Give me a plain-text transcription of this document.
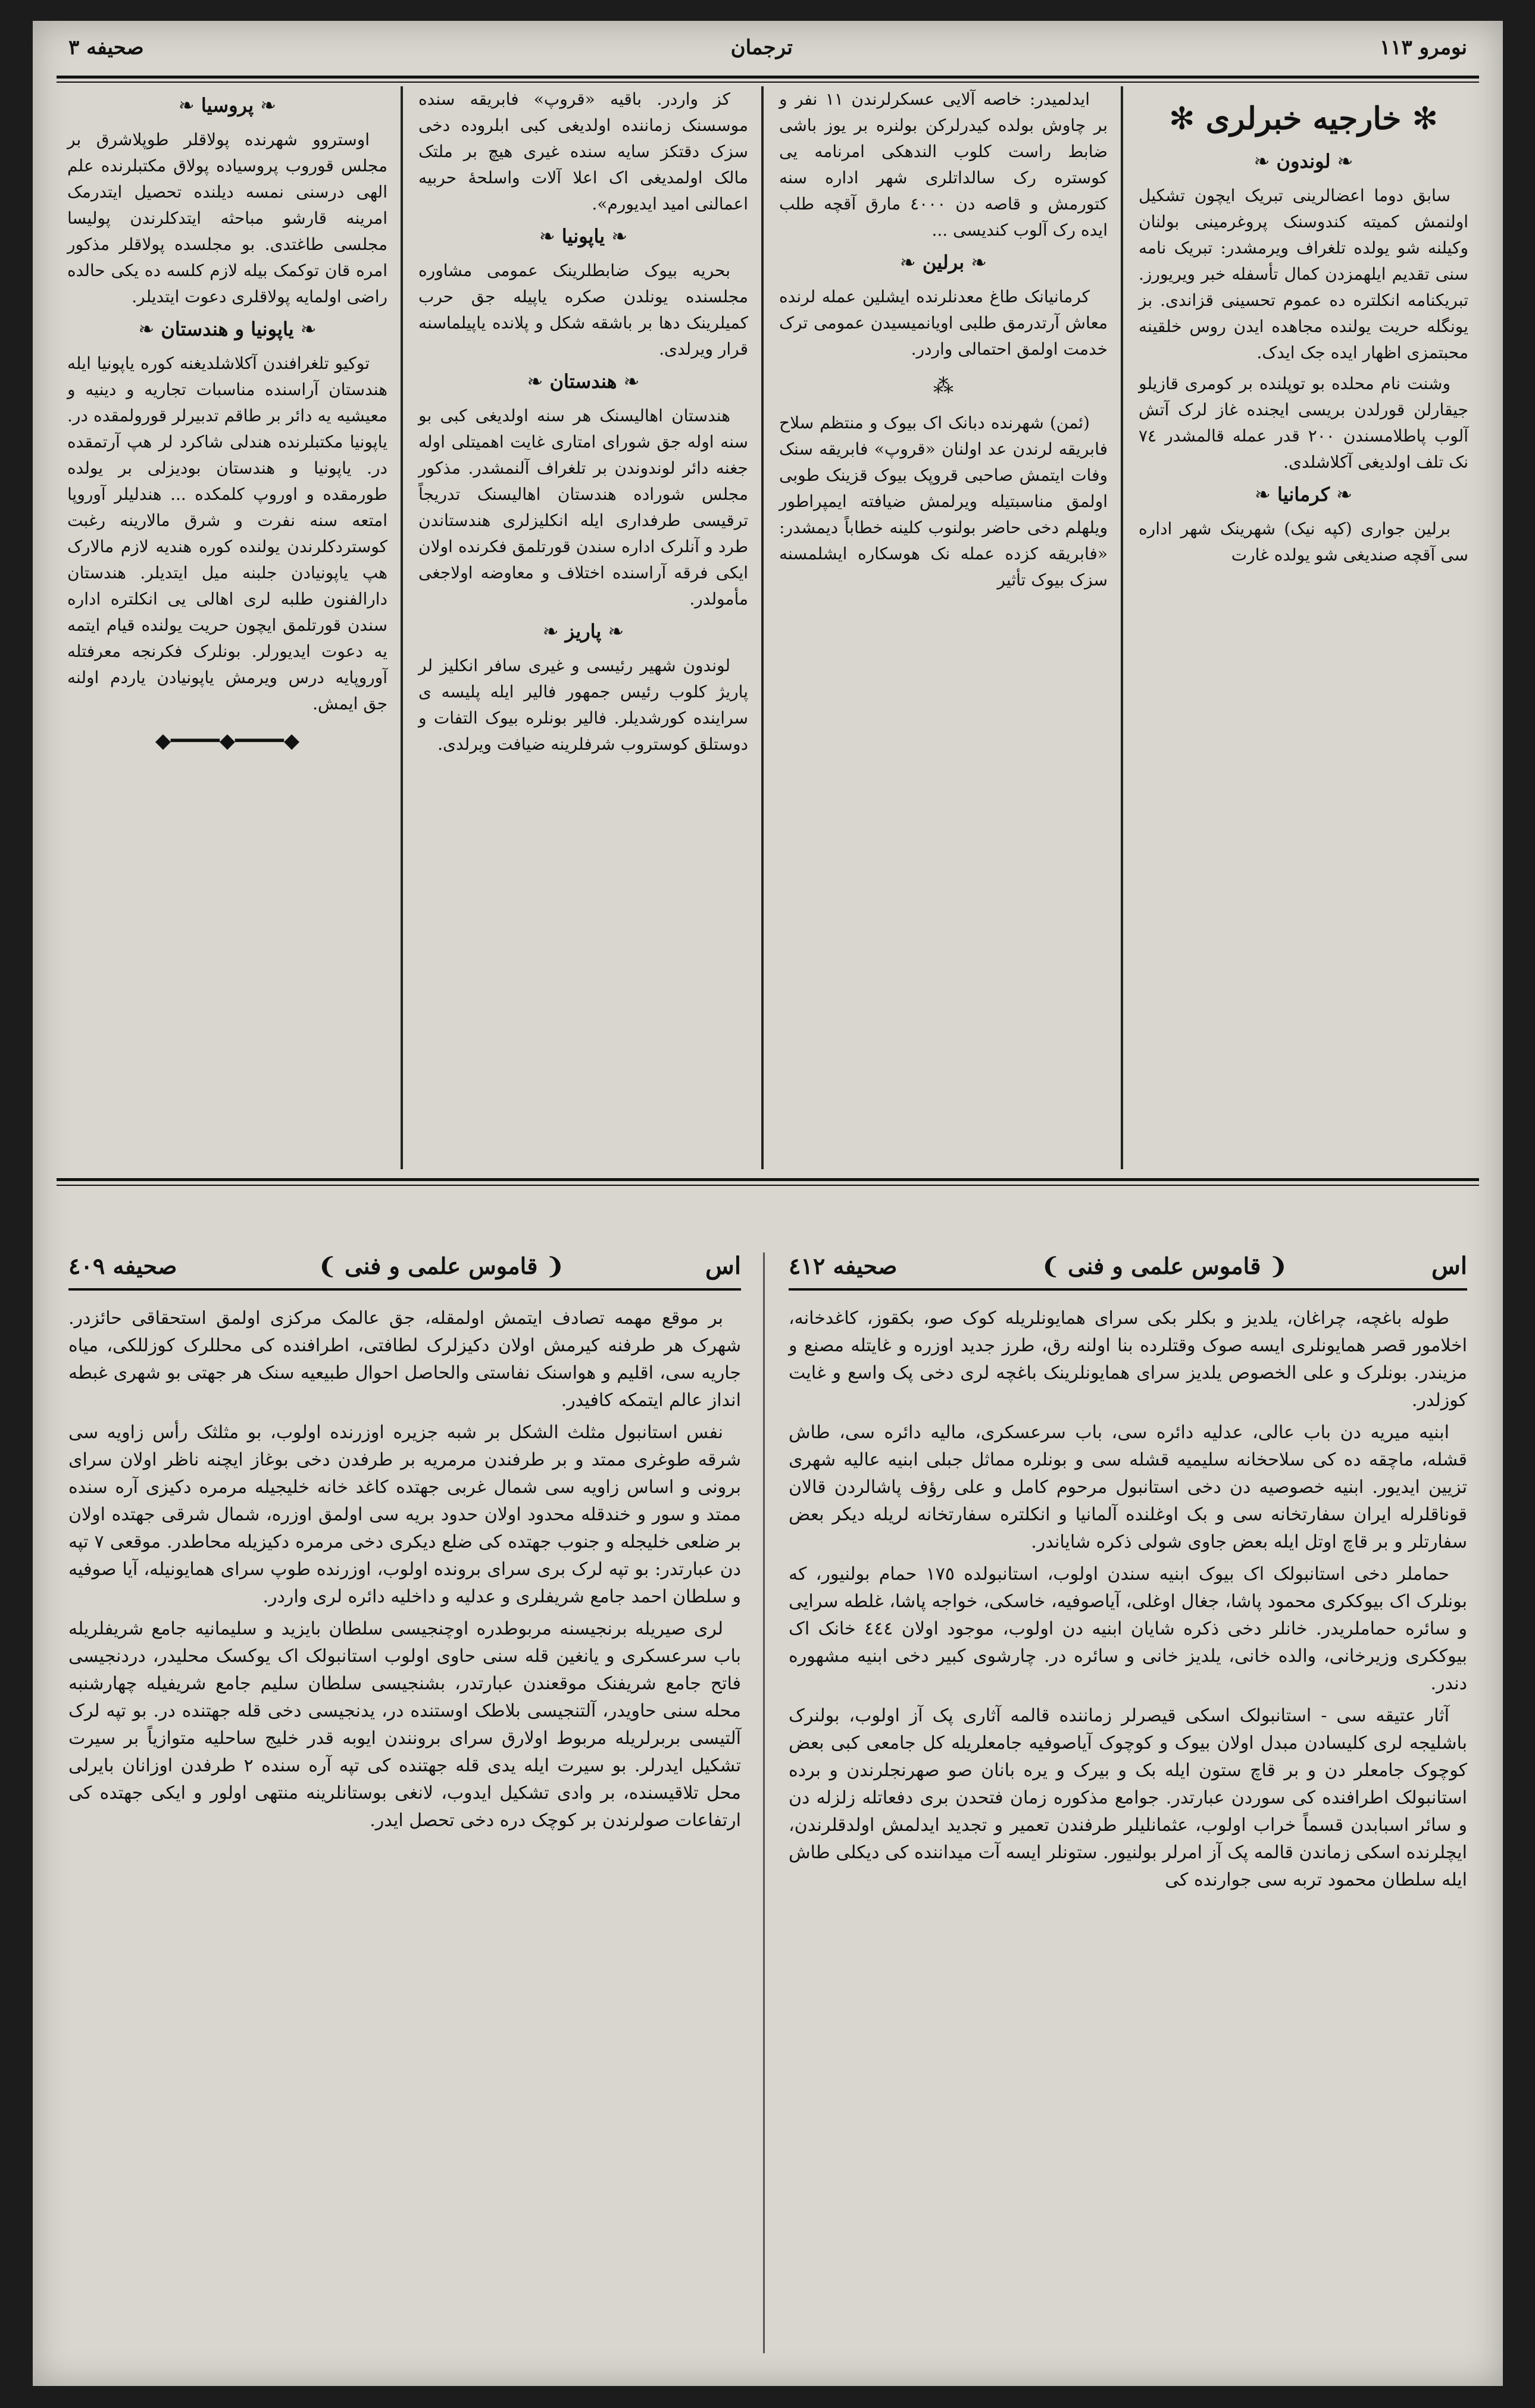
نومرو ١١٣
ترجمان
صحیفه ٣
✻ خارجیه خبرلری ✻
❧ لوندون ❧

سابق دوما اعضالرینی تبریک ایچون تشکیل اولنمش کمیته کندوسنک پروغرمینی بولنان وکیلنه شو یولده تلغراف ویرمشدر: تبریک نامه سنی تقدیم ایلهمزدن کمال تأسفله خبر ویریورز. تبریکنامه انکلتره ده عموم تحسینی قزاندی. بز یونگله حریت یولنده مجاهده ایدن روس خلقینه محبتمزی اظهار ایده جک ایدک.

وشنت نام محلده بو توپلنده بر کومری قازیلو جیقارلن قورلدن بریسی ایجنده غاز لرک آتش آلوب پاطلامسندن ٢٠٠ قدر عمله قالمشدر ٧٤ نک تلف اولدیغی آکلاشلدی.

❧ کرمانیا ❧

برلین جواری (کپه نیک) شهرینک شهر اداره سی آقچه صندیغی شو یولده غارت

ایدلمیدر: خاصه آلایی عسکرلرندن ١١ نفر و بر چاوش بولده کیدرلرکن بولنره بر یوز باشی ضابط راست کلوب الندهکی امرنامه یی کوستره رک سالداتلری شهر اداره سنه کتورمش و قاصه دن ٤٠٠٠ مارق آقچه طلب ایده رک آلوب کندیسی ...

❧ برلین ❧

کرمانیانک طاغ معدنلرنده ایشلین عمله لرنده معاش آرتدرمق طلبی اویانمیسیدن عمومی ترک خدمت اولمق احتمالی واردر.

⁂

(ئمن) شهرنده دبانک اک بیوک و منتظم سلاح فابریقه لرندن عد اولنان «قروپ» فابریقه سنک وفات ایتمش صاحبی قروپک بیوک قزینک طوبی اولمق مناسبتیله ویرلمش ضیافته ایمپراطور ویلهلم دخی حاضر بولنوب کلینه خطاباً دیمشدر: «فابریقه کزده عمله نک هوسکاره ایشلمسنه سزک بیوک تأثیر

کز واردر. باقیه «قروپ» فابریقه سنده موسسنک زماننده اولدیغی کبی ابلروده دخی سزک دقتکز سایه سنده غیری هیچ بر ملتک مالک اولمدیغی اک اعلا آلات واسلحهٔ حربیه اعمالنی امید ایدیورم».

❧ یاپونیا ❧

بحریه بیوک ضابطلرینک عمومی مشاوره مجلسنده یونلدن صکره یاپیله جق حرب کمیلرینک دها بر باشقه شکل و پلانده یاپیلماسنه قرار ویرلدی.

❧ هندستان ❧

هندستان اهالیسنک هر سنه اولدیغی کبی بو سنه اوله جق شورای امتاری غایت اهمیتلی اوله جغنه دائر لوندوندن بر تلغراف آلنمشدر. مذکور مجلس شوراده هندستان اهالیسنک تدریجاً ترقیسی طرفداری ایله انکلیزلری هندستاندن طرد و آنلرک اداره سندن قورتلمق فکرنده اولان ایکی فرقه آراسنده اختلاف و معاوضه اولاجغی مأمولدر.

❧ پاریز ❧

لوندون شهیر رئیسی و غیری سافر انکلیز لر پاریژ کلوب رئیس جمهور فالیر ایله پلیسه ی سراینده کورشدیلر. فالیر بونلره بیوک التفات و دوستلق کوستروب شرفلرینه ضیافت ویرلدی.

❧ پروسیا ❧

اوستروو شهرنده پولاقلر طوپلاشرق بر مجلس قوروب پروسیاده پولاق مکتبلرنده علم الهی درسنی نمسه دیلنده تحصیل ایتدرمک امرینه قارشو مباحثه ایتدکلرندن پولیسا مجلسی طاغتدی. بو مجلسده پولاقلر مذکور امره قان توکمک بیله لازم کلسه ده یکی حالده راضی اولمایه پولاقلری دعوت ایتدیلر.

❧ یاپونیا و هندستان ❧

توکیو تلغرافندن آکلاشلدیغنه کوره یاپونیا ایله هندستان آراسنده مناسبات تجاریه و دینیه و معیشیه یه دائر بر طاقم تدبیرلر قورولمقده در. یاپونیا مکتبلرنده هندلی شاکرد لر هپ آرتمقده در. یاپونیا و هندستان بودیزلی بر یولده طورمقده و اوروپ کلمکده ... هندلیلر آوروپا امتعه سنه نفرت و شرق مالارینه رغبت کوستردکلرندن یولنده کوره هندیه لازم مالارک هپ یاپونیادن جلبنه میل ایتدیلر. هندستان دارالفنون طلبه لری اهالی یی انکلتره اداره سندن قورتلمق ایچون حریت یولنده قیام ایتمه یه دعوت ایدیورلر. بونلرک فکرنجه معرفتله آوروپایه درس ویرمش یاپونیادن یاردم اولنه جق ایمش.

◆━━━━◆━━━━◆
اس
❨ قاموس علمی و فنی ❩
صحیفه ٤١٢

طوله باغچه، چراغان، یلدیز و بکلر بکی سرای همایونلریله کوک صو، بکقوز، کاغدخانه، اخلامور قصر همایونلری ایسه صوک وقتلرده بنا اولنه رق، طرز جدید اوزره و غایتله مصنع و مزیندر. بونلرک و علی الخصوص یلدیز سرای همایونلرینک باغچه لری دخی پک واسع و غایت کوزلدر.

ابنیه میریه دن باب عالی، عدلیه دائره سی، باب سرعسکری، مالیه دائره سی، طاش قشله، ماچقه ده کی سلاحخانه سلیمیه قشله سی و بونلره مماثل جبلی ابنیه عالیه شهری تزیین ایدیور. ابنیه خصوصیه دن دخی استانبول مرحوم کامل و علی رؤف پاشالردن قالان قوناقلرله ایران سفارتخانه سی و بک اوغلنده آلمانیا و انکلتره سفارتخانه لریله دیکر بعض سفارتلر و بر قاچ اوتل ایله بعض جاوی شولی ذکره شایاندر.

حماملر دخی استانبولک اک بیوک ابنیه سندن اولوب، استانبولده ١٧٥ حمام بولنیور، که بونلرک اک بیوککری محمود پاشا، جغال اوغلی، آیاصوفیه، خاسکی، خواجه پاشا، غلطه سرایی و سائره حماملریدر. خانلر دخی ذکره شایان ابنیه دن اولوب، موجود اولان ٤٤٤ خانک اک بیوککری وزیرخانی، والده خانی، یلدیز خانی و سائره در. چارشوی کبیر دخی ابنیه مشهوره دندر.

آثار عتیقه سی - استانبولک اسکی قیصرلر زماننده قالمه آثاری پک آز اولوب، بولنرک باشلیجه لری کلیسادن مبدل اولان بیوک و کوچوک آیاصوفیه جامعلریله کل جامعی کبی بعض کوچوک جامعلر دن و بر قاچ ستون ایله بک و بیرک و یره بانان صو صهرنجلرندن و برده استانبولک اطرافنده کی سوردن عبارتدر. جوامع مذکوره زمان فتحدن بری دفعاتله زلزله دن و سائر اسبابدن قسماً خراب اولوب، عثمانلیلر طرفندن تعمیر و تجدید ایدلمش اولدقلرندن، ایچلرنده اسکی زماندن قالمه پک آز امرلر بولنیور. ستونلر ایسه آت میداننده کی دیکلی طاش ایله سلطان محمود تربه سی جوارنده کی

اس
❨ قاموس علمی و فنی ❩
صحیفه ٤٠٩

بر موقع مهمه تصادف ایتمش اولمقله، جق عالمک مرکزی اولمق استحقاقی حائزدر. شهرک هر طرفنه کیرمش اولان دکیزلرک لطافتی، اطرافنده کی محللرک کوزللکی، میاه جاریه سی، اقلیم و هواسنک نفاستی والحاصل احوال طبیعیه سنک هر جهتی بو شهری غبطه انداز عالم ایتمکه کافیدر.

نفس استانبول مثلث الشکل بر شبه جزیره اوزرنده اولوب، بو مثلثک رأس زاویه سی شرقه طوغری ممتد و بر طرفندن مرمریه بر طرفدن دخی بوغاز ایچنه ناظر اولان سرای برونی و اساس زاویه سی شمال غربی جهتده کاغد خانه خلیجیله مرمره دکیزی آره سنده ممتد و سور و خندقله محدود اولان حدود بریه سی اولمق اوزره، شمال شرقی جهتده اولان بر ضلعی خلیجله و جنوب جهتده کی ضلع دیکری دخی مرمره دکیزیله محاطدر. موقعی ٧ تپه دن عبارتدر: بو تپه لرک بری سرای برونده اولوب، اوزرنده طوپ سرای همایونیله، آیا صوفیه و سلطان احمد جامع شریفلری و عدلیه و داخلیه دائره لری واردر.

لری صیریله برنجیسنه مربوطدره اوچنجیسی سلطان بایزید و سلیمانیه جامع شریفلریله باب سرعسکری و یانغین قله سنی حاوی اولوب استانبولک اک یوکسک محلیدر، دردنجیسی فاتح جامع شریفنک موقعندن عبارتدر، بشنجیسی سلطان سلیم جامع شریفیله چهارشنبه محله سنی حاویدر، آلتنجیسی بلاطک اوستنده در، یدنجیسی دخی قله جهتنده در. بو تپه لرک آلتیسی بربرلریله مربوط اولارق سرای برونندن ایوبه قدر خلیج ساحلیه متوازیاً بر سیرت تشکیل ایدرلر. بو سیرت ایله یدی قله جهتنده کی تپه آره سنده ٢ طرفدن اوزانان بایرلی محل تلاقیسنده، بر وادی تشکیل ایدوب، لانغی بوستانلرینه منتهی اولور و ایکی جهتده کی ارتفاعات صولرندن بر کوچک دره دخی تحصل ایدر.
